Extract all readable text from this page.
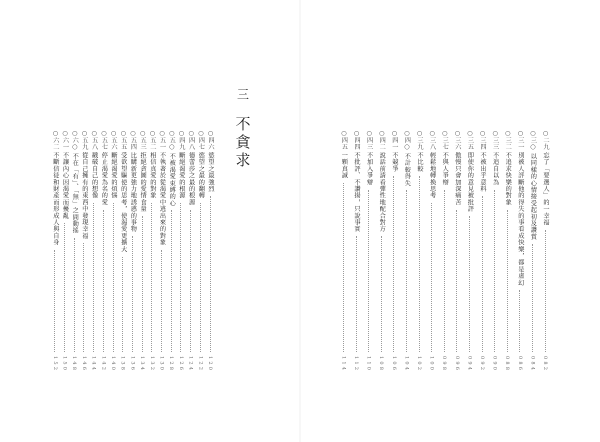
○四六
慾望之最強烈
1 2 0
○四七
慾望之最的翻轉
1 2 2
○四八
德蕾莎之最的根源
1 2 4
○四九
斷絕渴愛的根源
1 2 6
○五○
不被渴愛束縛的心
1 2 8
○五一
不執著於從渴愛中逃出來的對象
1 3 0
○五二
相信真愛的對象
1 3 2
○五三
拒絕貪圖的愛情食量
1 3 4
○五四
比購新更強力地誘惑的事物
1 3 6
○五五
受欲望驅使的思考，使渴愛更擴大
1 3 8
○五六
斷絕渴愛的煩惱
1 4 0
○五七
停止渴愛為名的愛
1 4 2
○五八
戳破自己的想像
1 4 4
○五九
從自己擁有的東西中發現幸福
1 4 6
○六○
不在「有」、「無」之間動搖
1 4 8
○六一
不讓內心因渴愛而擾亂
1 5 0
○六二
不斷信徒和財產而形成人與自身
1 5 2
三
不貪求	○二九
忘了「要選人」的一幸福
0 8 2
○三○
以同樣的心情接受起初及讚賞
0 8 4
○三一
別被人評斷他的得失的事看成快樂，都是虛幻
0 8 6
○三二
不追求快樂的對象
0 8 8
○三三
不追自以為
0 9 0
○三四
不被出乎意料
0 9 2
○三五
即使你的意見被批評
0 9 4
○三六
傲慢只會加深痛苦
0 9 6
○三七
不與人爭辯
0 9 8
○三八
輕鬆地轉換思考
1 0 0
○三九
不比較
1 0 2
○四○
不計較得失
1 0 4
○四一
不競爭
1 0 6
○四二
說話前請看彈性地配合對方
1 0 8
○四三
不加入爭辯
1 1 0
○四四
不批評、不讚揚，只說事實
1 1 2
○四五
一顆真誠
1 1 4
